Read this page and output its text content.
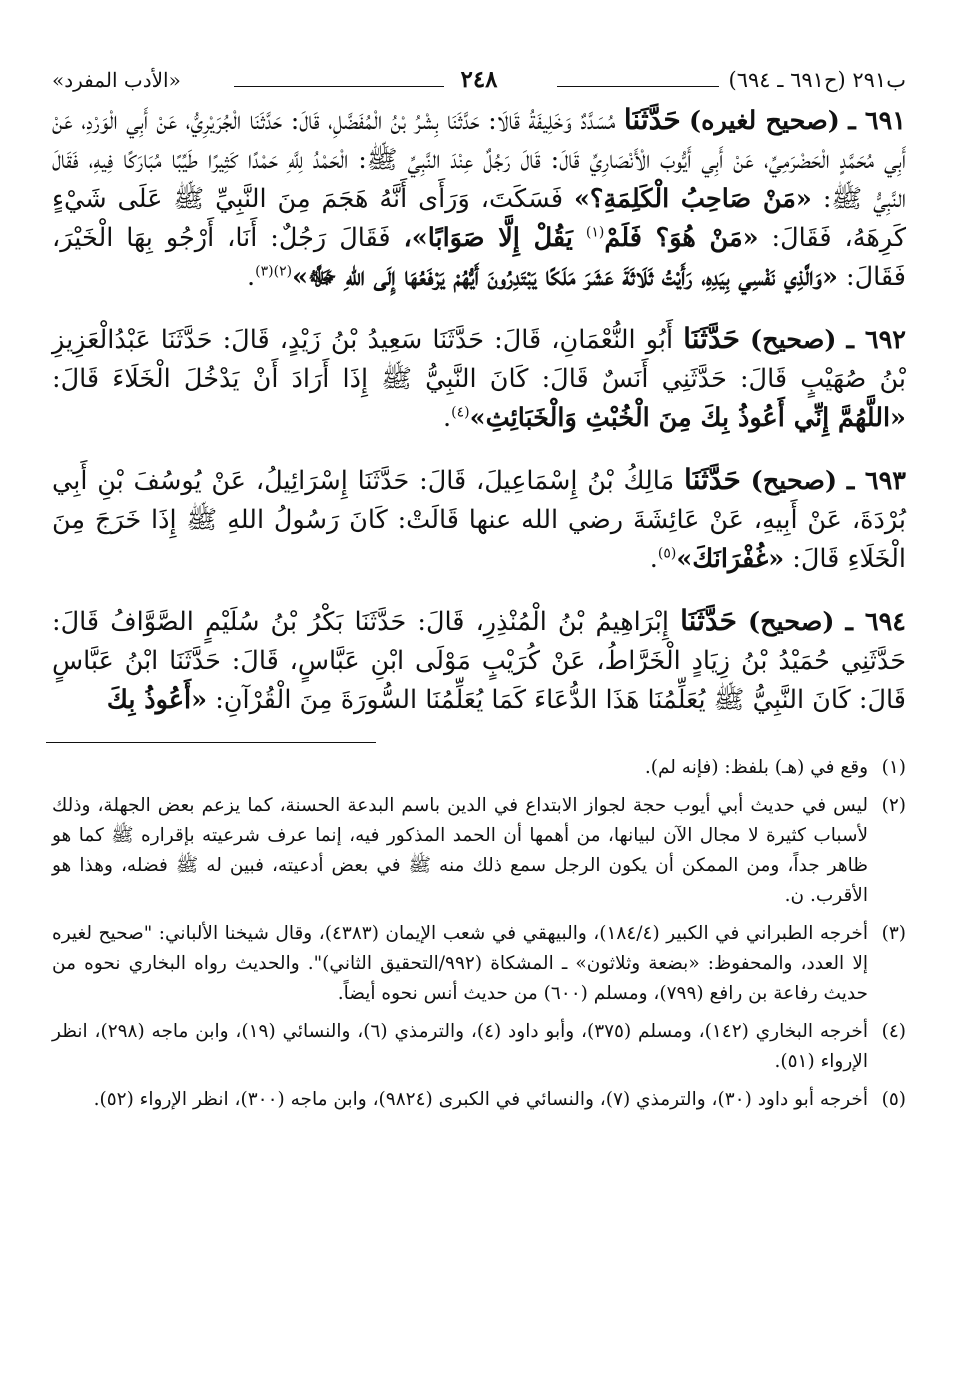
ب٢٩١ (ح٦٩١ ـ ٦٩٤)
٢٤٨
«الأدب المفرد»

٦٩١ ـ (صحيح لغيره) حَدَّثَنَا مُسَدَّدٌ وَخَلِيفَةُ قَالَا: حَدَّثَنَا بِشْرُ بْنُ الْمُفَضَّلِ، قَالَ: حَدَّثَنَا الْجُرَيْرِيُّ، عَنْ أَبِي الْوَرْدِ، عَنْ أَبِي مُحَمَّدٍ الْحَضْرَمِيِّ، عَنْ أَبِي أَيُّوبَ الْأَنْصَارِيِّ قَالَ: قَالَ رَجُلٌ عِنْدَ النَّبِيِّ ﷺ: الْحَمْدُ لِلَّهِ حَمْدًا كَثِيرًا طَيِّبًا مُبَارَكًا فِيهِ، فَقَالَ النَّبِيُّ ﷺ: «مَنْ صَاحِبُ الْكَلِمَةِ؟» فَسَكَتَ، وَرَأَى أَنَّهُ هَجَمَ مِنَ النَّبِيِّ ﷺ عَلَى شَيْءٍ كَرِهَهُ، فَقَالَ: «مَنْ هُوَ؟ فَلَمْ$^{(١)}$ يَقُلْ إِلَّا صَوَابًا»، فَقَالَ رَجُلٌ: أَنَا، أَرْجُو بِهَا الْخَيْرَ، فَقَالَ: «وَالَّذِي نَفْسِي بِيَدِهِ، رَأَيْتُ ثَلَاثَةَ عَشَرَ مَلَكًا يَبْتَدِرُونَ أَيُّهُمْ يَرْفَعُهَا إِلَى اللهِ ﷻ»$^{(٢)(٣)}$.

٦٩٢ ـ (صحيح) حَدَّثَنَا أَبُو النُّعْمَانِ، قَالَ: حَدَّثَنَا سَعِيدُ بْنُ زَيْدٍ، قَالَ: حَدَّثَنَا عَبْدُالْعَزِيزِ بْنُ صُهَيْبٍ قَالَ: حَدَّثَنِي أَنَسٌ قَالَ: كَانَ النَّبِيُّ ﷺ إِذَا أَرَادَ أَنْ يَدْخُلَ الْخَلَاءَ قَالَ: «اللَّهُمَّ إِنِّي أَعُوذُ بِكَ مِنَ الْخُبْثِ وَالْخَبَائِثِ»$^{(٤)}$.

٦٩٣ ـ (صحيح) حَدَّثَنَا مَالِكُ بْنُ إِسْمَاعِيلَ، قَالَ: حَدَّثَنَا إِسْرَائِيلُ، عَنْ يُوسُفَ بْنِ أَبِي بُرْدَةَ، عَنْ أَبِيهِ، عَنْ عَائِشَةَ رضي الله عنها قَالَتْ: كَانَ رَسُولُ اللهِ ﷺ إِذَا خَرَجَ مِنَ الْخَلَاءِ قَالَ: «غُفْرَانَكَ»$^{(٥)}$.

٦٩٤ ـ (صحيح) حَدَّثَنَا إِبْرَاهِيمُ بْنُ الْمُنْذِرِ، قَالَ: حَدَّثَنَا بَكْرُ بْنُ سُلَيْمٍ الصَّوَّافُ قَالَ: حَدَّثَنِي حُمَيْدُ بْنُ زِيَادٍ الْخَرَّاطُ، عَنْ كُرَيْبٍ مَوْلَى ابْنِ عَبَّاسٍ، قَالَ: حَدَّثَنَا ابْنُ عَبَّاسٍ قَالَ: كَانَ النَّبِيُّ ﷺ يُعَلِّمُنَا هَذَا الدُّعَاءَ كَمَا يُعَلِّمُنَا السُّورَةَ مِنَ الْقُرْآنِ: «أَعُوذُ بِكَ

(١)
وقع في (هـ) بلفظ: (فإنه لم).
(٢)
ليس في حديث أبي أيوب حجة لجواز الابتداع في الدين باسم البدعة الحسنة، كما يزعم بعض الجهلة، وذلك لأسباب كثيرة لا مجال الآن لبيانها، من أهمها أن الحمد المذكور فيه، إنما عرف شرعيته بإقراره ﷺ كما هو ظاهر جداً، ومن الممكن أن يكون الرجل سمع ذلك منه ﷺ في بعض أدعيته، فبين له ﷺ فضله، وهذا هو الأقرب. ن.
(٣)
أخرجه الطبراني في الكبير (١٨٤/٤)، والبيهقي في شعب الإيمان (٤٣٨٣)، وقال شيخنا الألباني: "صحيح لغيره إلا العدد، والمحفوظ: «بضعة وثلاثون» ـ المشكاة (٩٩٢/التحقيق الثاني)". والحديث رواه البخاري نحوه من حديث رفاعة بن رافع (٧٩٩)، ومسلم (٦٠٠) من حديث أنس نحوه أيضاً.
(٤)
أخرجه البخاري (١٤٢)، ومسلم (٣٧٥)، وأبو داود (٤)، والترمذي (٦)، والنسائي (١٩)، وابن ماجه (٢٩٨)، انظر الإرواء (٥١).
(٥)
أخرجه أبو داود (٣٠)، والترمذي (٧)، والنسائي في الكبرى (٩٨٢٤)، وابن ماجه (٣٠٠)، انظر الإرواء (٥٢).
